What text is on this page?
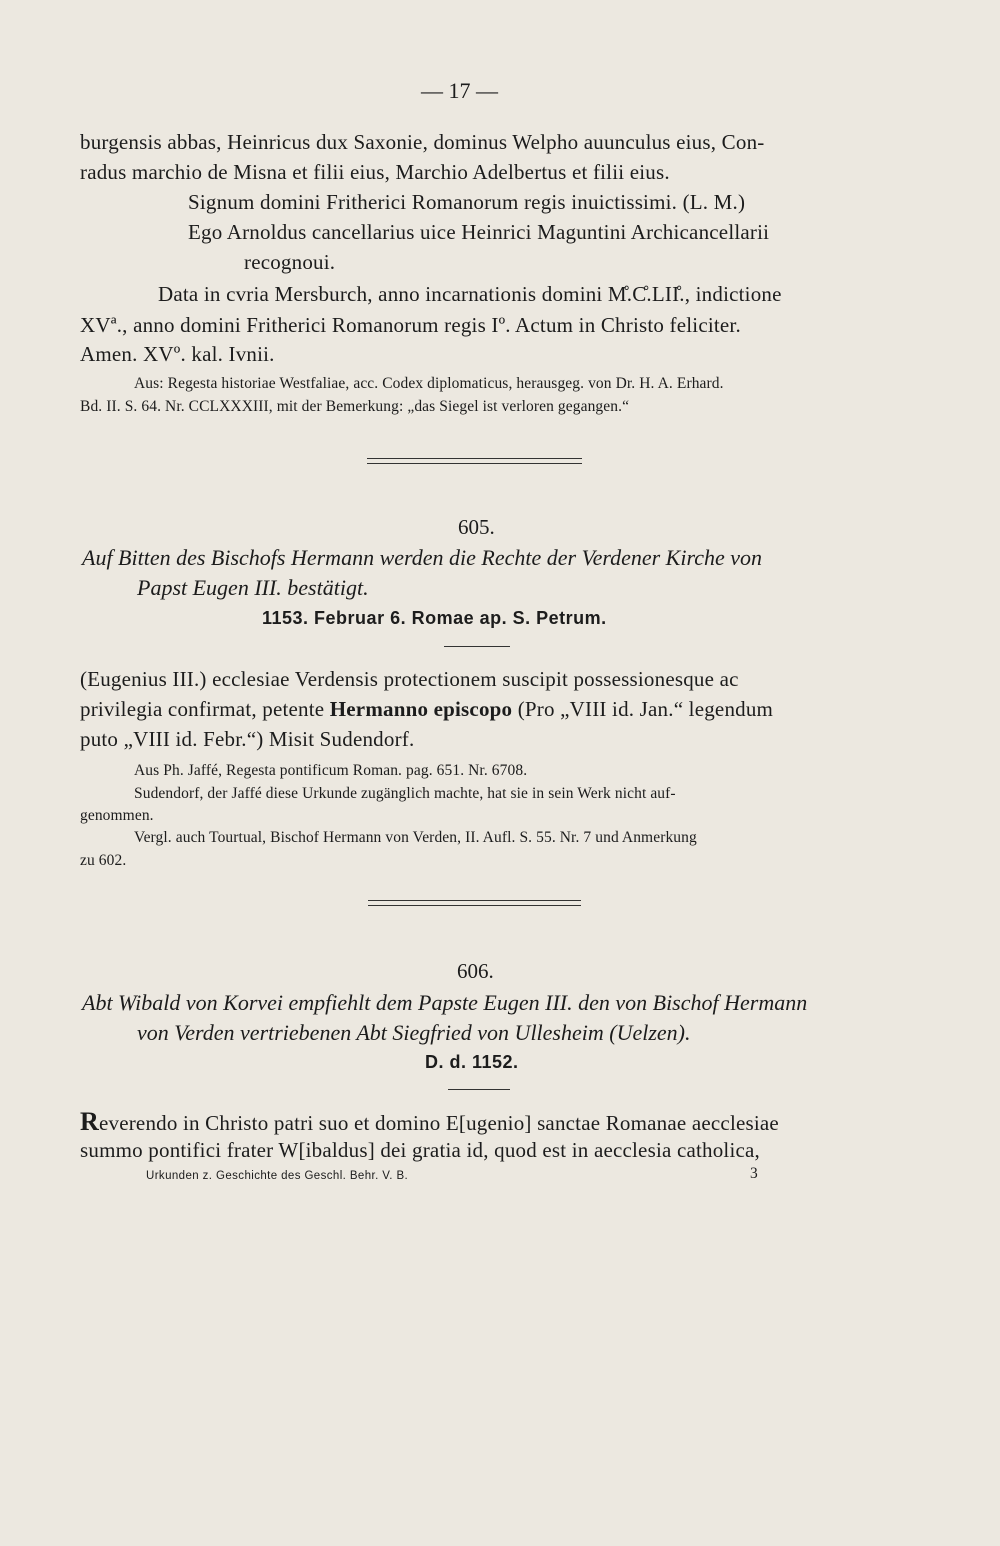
— 17 —
burgensis abbas, Heinricus dux Saxonie, dominus Welpho auunculus eius, Con-
radus marchio de Misna et filii eius, Marchio Adelbertus et filii eius.
Signum domini Fritherici Romanorum regis inuictissimi. (L. M.)
Ego Arnoldus cancellarius uice Heinrici Maguntini Archicancellarii
recognoui.
Data in cvria Mersburch, anno incarnationis domini M̊.C̊.LII̊., indictione
XVª., anno domini Fritherici Romanorum regis Iº. Actum in Christo feliciter.
Amen. XVº. kal. Ivnii.
Aus: Regesta historiae Westfaliae, acc. Codex diplomaticus, herausgeg. von Dr. H. A. Erhard.
Bd. II. S. 64. Nr. CCLXXXIII, mit der Bemerkung: „das Siegel ist verloren gegangen.“
605.
Auf Bitten des Bischofs Hermann werden die Rechte der Verdener Kirche von
Papst Eugen III. bestätigt.
1153. Februar 6. Romae ap. S. Petrum.
(Eugenius III.) ecclesiae Verdensis protectionem suscipit possessionesque ac
privilegia confirmat, petente Hermanno episcopo (Pro „VIII id. Jan.“ legendum
puto „VIII id. Febr.“) Misit Sudendorf.
Aus Ph. Jaffé, Regesta pontificum Roman. pag. 651. Nr. 6708.
Sudendorf, der Jaffé diese Urkunde zugänglich machte, hat sie in sein Werk nicht auf-
genommen.
Vergl. auch Tourtual, Bischof Hermann von Verden, II. Aufl. S. 55. Nr. 7 und Anmerkung
zu 602.
606.
Abt Wibald von Korvei empfiehlt dem Papste Eugen III. den von Bischof Hermann
von Verden vertriebenen Abt Siegfried von Ullesheim (Uelzen).
D. d. 1152.
Reverendo in Christo patri suo et domino E[ugenio] sanctae Romanae aecclesiae
summo pontifici frater W[ibaldus] dei gratia id, quod est in aecclesia catholica,
Urkunden z. Geschichte des Geschl. Behr. V. B.	3
